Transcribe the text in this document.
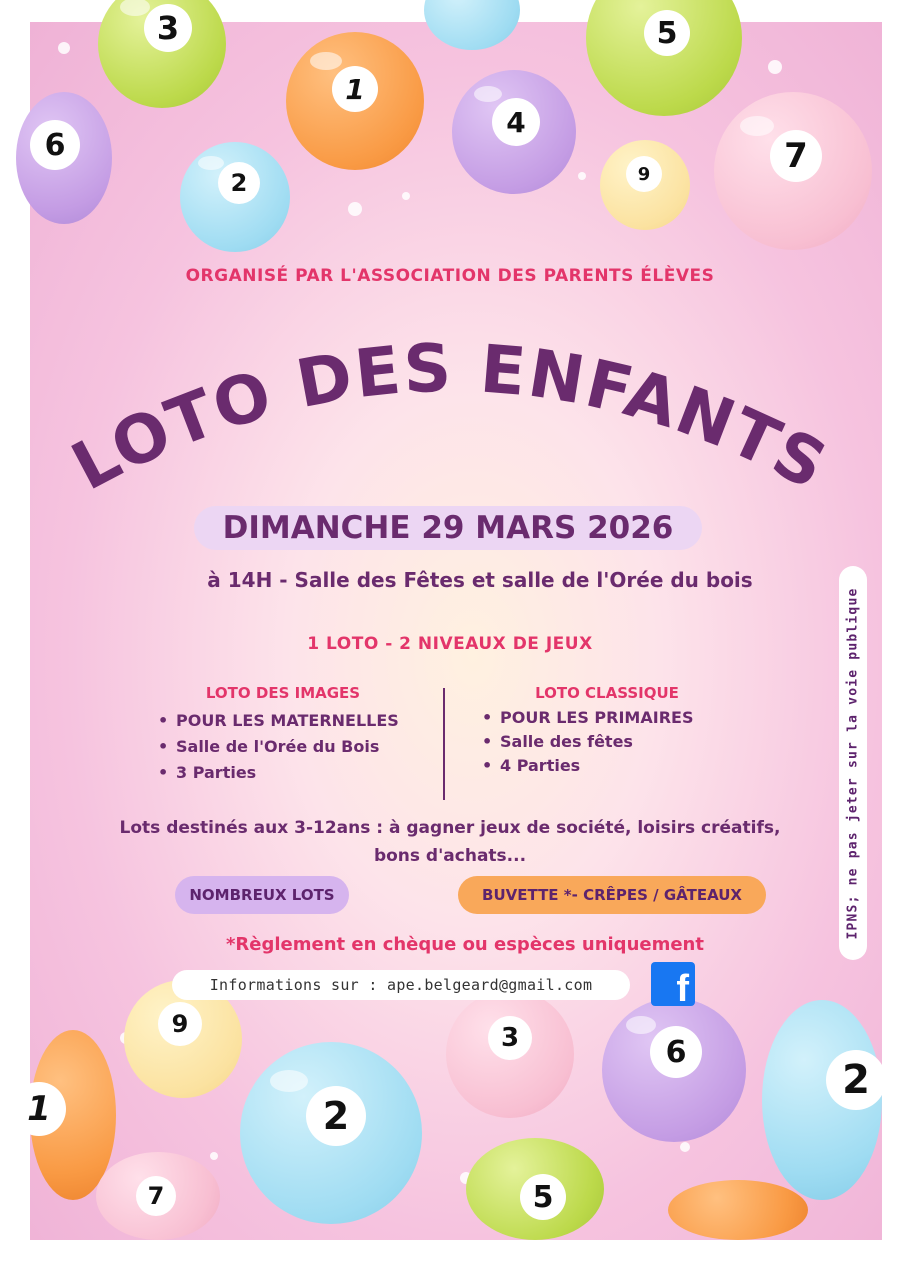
3
1
5
6
4
2	9	7
9	3	6
1	2
2
7	5
ORGANISÉ PAR L'ASSOCIATION DES PARENTS ÉLÈVES
LOTO DES ENFANTS
DIMANCHE 29 MARS 2026
à 14H - Salle des Fêtes et salle de l'Orée du bois
1 LOTO - 2 NIVEAUX DE JEUX
LOTO DES IMAGES
• POUR LES MATERNELLES
• Salle de l'Orée du Bois
• 3 Parties
LOTO CLASSIQUE
• POUR LES PRIMAIRES
• Salle des fêtes
• 4 Parties
Lots destinés aux 3-12ans : à gagner jeux de société, loisirs créatifs,
bons d'achats...
NOMBREUX LOTS	BUVETTE *- CRÊPES / GÂTEAUX
*Règlement en chèque ou espèces uniquement
Informations sur : ape.belgeard@gmail.com	f
IPNS; ne pas jeter sur la voie publique
